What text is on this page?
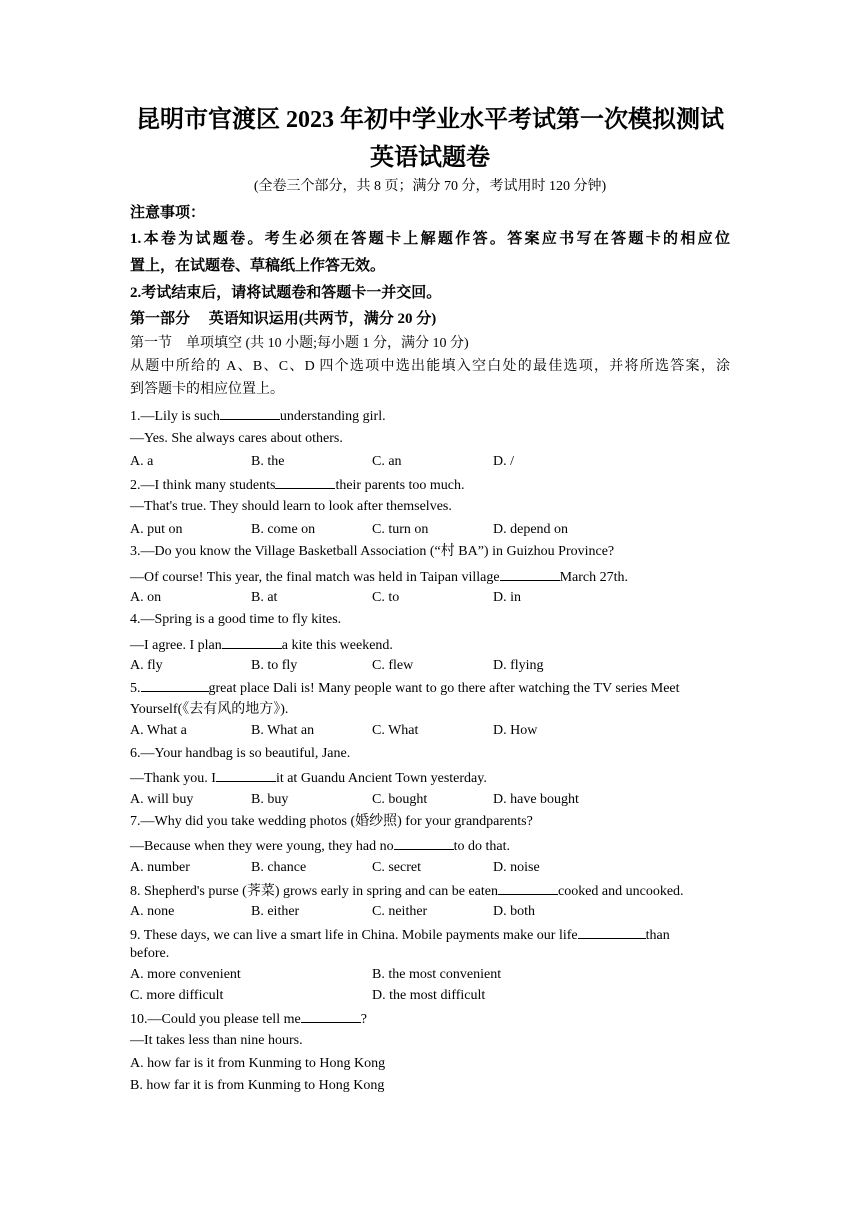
昆明市官渡区 2023 年初中学业水平考试第一次模拟测试
英语试题卷
(全卷三个部分，共 8 页；满分 70 分，考试用时 120 分钟)
注意事项：
1.本卷为试题卷。考生必须在答题卡上解题作答。答案应书写在答题卡的相应位
置上，在试题卷、草稿纸上作答无效。
2.考试结束后，请将试题卷和答题卡一并交回。
第一部分　 英语知识运用(共两节，满分 20 分)
第一节　单项填空 (共 10 小题;每小题 1 分，满分 10 分)
从题中所给的 A、B、C、D 四个选项中选出能填入空白处的最佳选项，并将所选答案，涂
到答题卡的相应位置上。
1.—Lily is such	understanding girl.
—Yes. She always cares about others.
A. a	B. the	C. an	D. /
2.—I think many students	their parents too much.
—That's true. They should learn to look after themselves.
A. put on	B. come on	C. turn on	D. depend on
3.—Do you know the Village Basketball Association (“村 BA”) in Guizhou Province?
—Of course! This year, the final match was held in Taipan village	March 27th.
A. on	B. at	C. to	D. in
4.—Spring is a good time to fly kites.
—I agree. I plan	a kite this weekend.
A. fly	B. to fly	C. flew	D. flying
5.	great place Dali is! Many people want to go there after watching the TV series Meet
Yourself(《去有风的地方》).
A. What a	B. What an	C. What	D. How
6.—Your handbag is so beautiful, Jane.
—Thank you. I	it at Guandu Ancient Town yesterday.
A. will buy	B. buy	C. bought	D. have bought
7.—Why did you take wedding photos (婚纱照) for your grandparents?
—Because when they were young, they had no	to do that.
A. number	B. chance	C. secret	D. noise
8. Shepherd's purse (荠菜) grows early in spring and can be eaten	cooked and uncooked.
A. none	B. either	C. neither	D. both
9. These days, we can live a smart life in China. Mobile payments make our life	than
before.
A. more convenient	B. the most convenient
C. more difficult	D. the most difficult
10.—Could you please tell me	?
—It takes less than nine hours.
A. how far is it from Kunming to Hong Kong
B. how far it is from Kunming to Hong Kong
